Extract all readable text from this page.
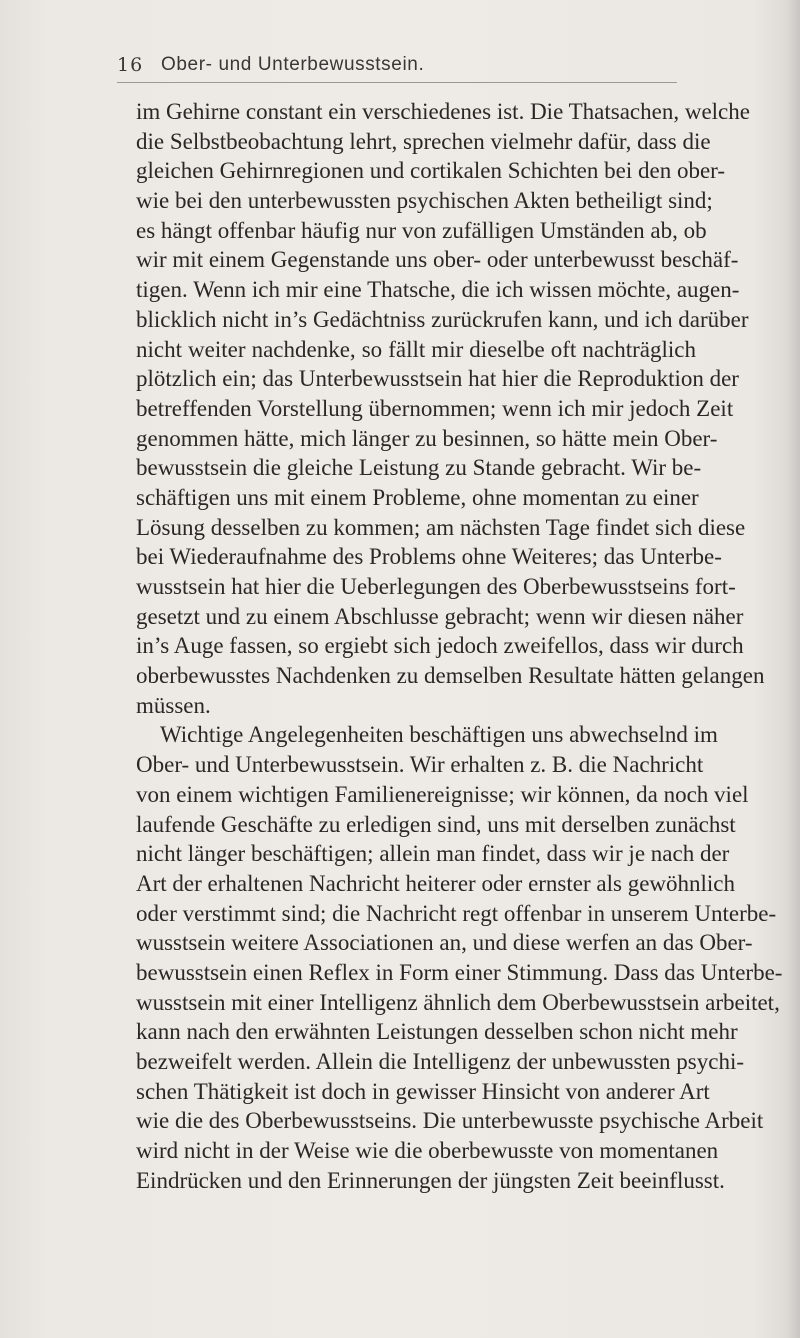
16 Ober- und Unterbewusstsein.
im Gehirne constant ein verschiedenes ist. Die Thatsachen, welche
die Selbstbeobachtung lehrt, sprechen vielmehr dafür, dass die
gleichen Gehirnregionen und cortikalen Schichten bei den ober-
wie bei den unterbewussten psychischen Akten betheiligt sind;
es hängt offenbar häufig nur von zufälligen Umständen ab, ob
wir mit einem Gegenstande uns ober- oder unterbewusst beschäf-
tigen. Wenn ich mir eine Thatsche, die ich wissen möchte, augen-
blicklich nicht in’s Gedächtniss zurückrufen kann, und ich darüber
nicht weiter nachdenke, so fällt mir dieselbe oft nachträglich
plötzlich ein; das Unterbewusstsein hat hier die Reproduktion der
betreffenden Vorstellung übernommen; wenn ich mir jedoch Zeit
genommen hätte, mich länger zu besinnen, so hätte mein Ober-
bewusstsein die gleiche Leistung zu Stande gebracht. Wir be-
schäftigen uns mit einem Probleme, ohne momentan zu einer
Lösung desselben zu kommen; am nächsten Tage findet sich diese
bei Wiederaufnahme des Problems ohne Weiteres; das Unterbe-
wusstsein hat hier die Ueberlegungen des Oberbewusstseins fort-
gesetzt und zu einem Abschlusse gebracht; wenn wir diesen näher
in’s Auge fassen, so ergiebt sich jedoch zweifellos, dass wir durch
oberbewusstes Nachdenken zu demselben Resultate hätten gelangen
müssen.
Wichtige Angelegenheiten beschäftigen uns abwechselnd im
Ober- und Unterbewusstsein. Wir erhalten z. B. die Nachricht
von einem wichtigen Familienereignisse; wir können, da noch viel
laufende Geschäfte zu erledigen sind, uns mit derselben zunächst
nicht länger beschäftigen; allein man findet, dass wir je nach der
Art der erhaltenen Nachricht heiterer oder ernster als gewöhnlich
oder verstimmt sind; die Nachricht regt offenbar in unserem Unterbe-
wusstsein weitere Associationen an, und diese werfen an das Ober-
bewusstsein einen Reflex in Form einer Stimmung. Dass das Unterbe-
wusstsein mit einer Intelligenz ähnlich dem Oberbewusstsein arbeitet,
kann nach den erwähnten Leistungen desselben schon nicht mehr
bezweifelt werden. Allein die Intelligenz der unbewussten psychi-
schen Thätigkeit ist doch in gewisser Hinsicht von anderer Art
wie die des Oberbewusstseins. Die unterbewusste psychische Arbeit
wird nicht in der Weise wie die oberbewusste von momentanen
Eindrücken und den Erinnerungen der jüngsten Zeit beeinflusst.
